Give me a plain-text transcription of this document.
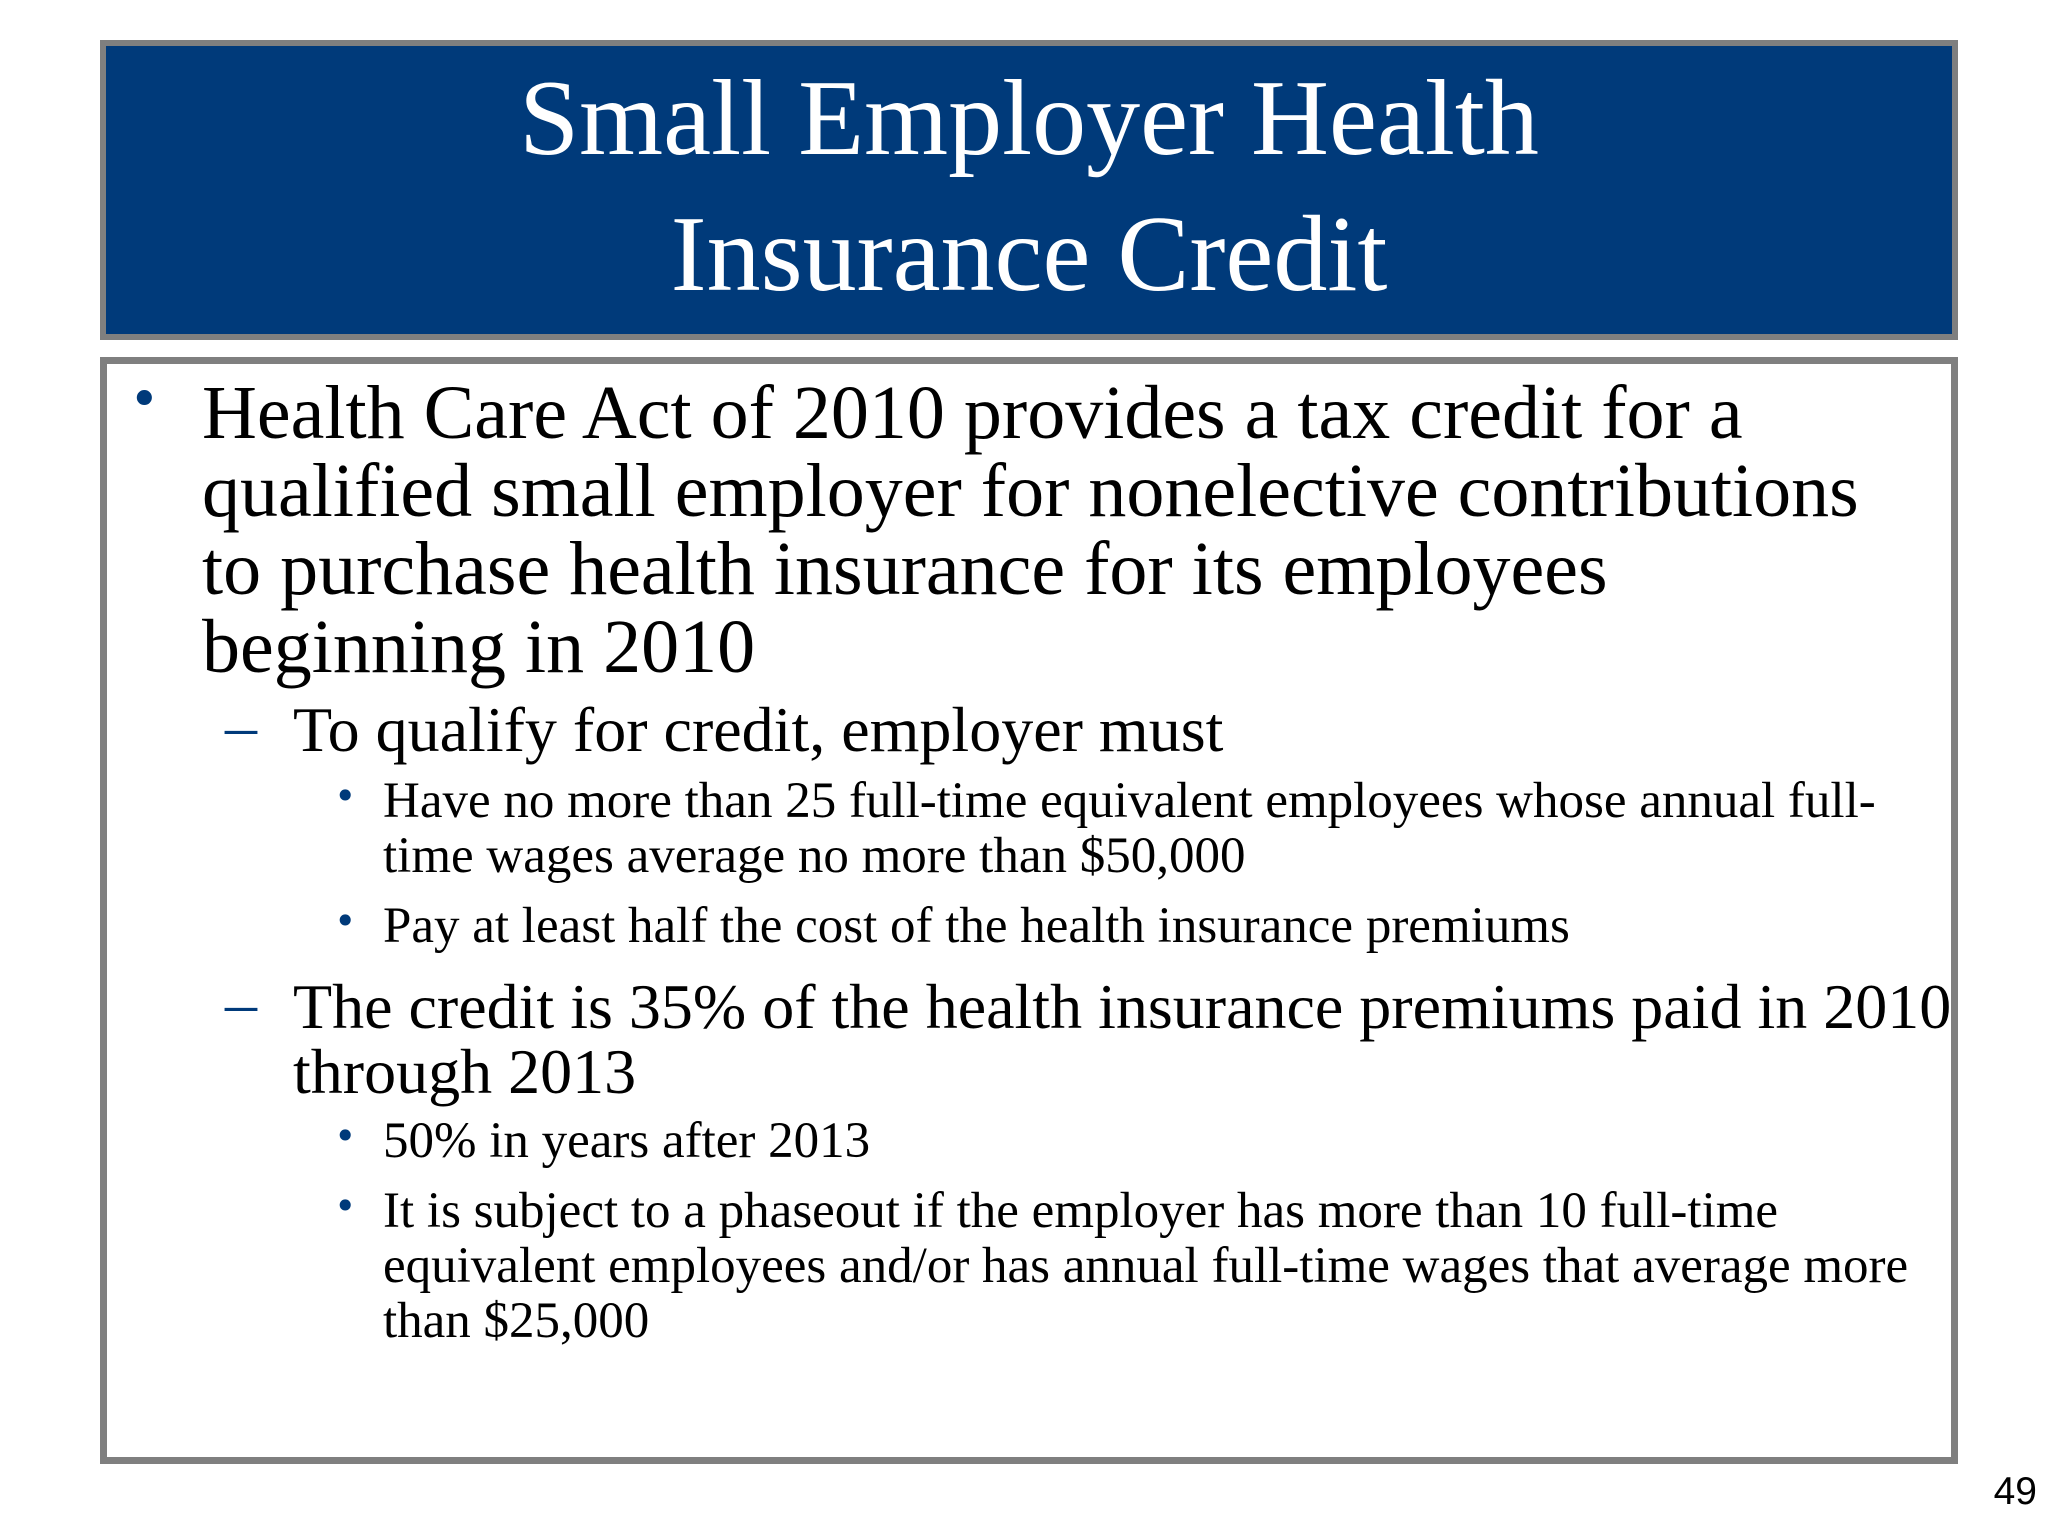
Small Employer Health
Insurance Credit
• Health Care Act of 2010 provides a tax credit for a qualified small employer for nonelective contributions to purchase health insurance for its employees beginning in 2010
– To qualify for credit, employer must
• Have no more than 25 full-time equivalent employees whose annual full-time wages average no more than $50,000
• Pay at least half the cost of the health insurance premiums
– The credit is 35% of the health insurance premiums paid in 2010 through 2013
• 50% in years after 2013
• It is subject to a phaseout if the employer has more than 10 full-time equivalent employees and/or has annual full-time wages that average more than $25,000
49
